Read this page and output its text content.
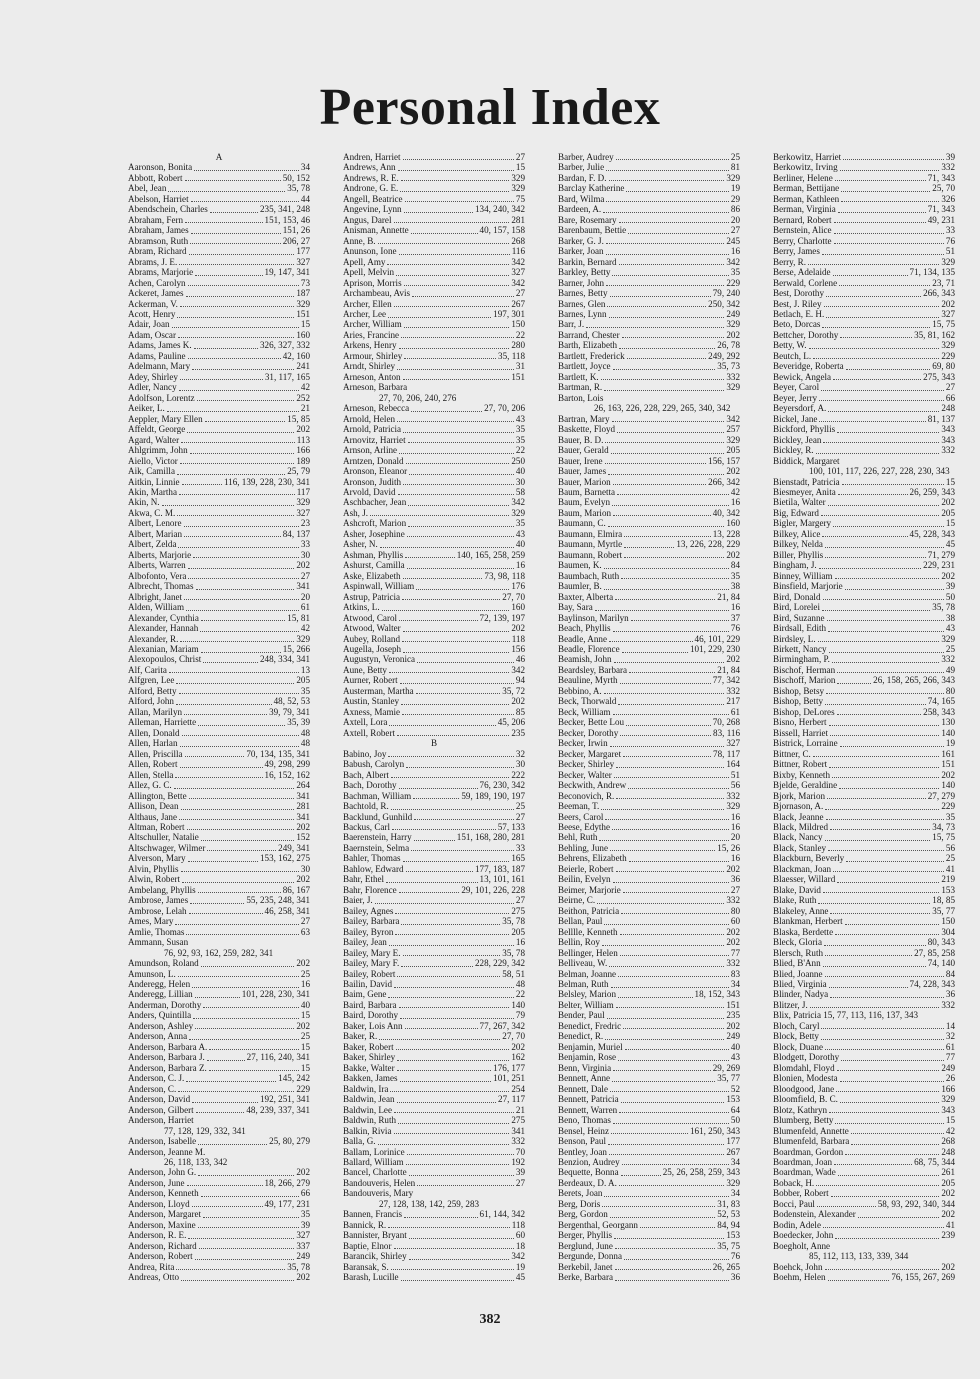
Personal Index
A
Aaronson, Bonita	34
Abbott, Robert	50, 152
Abel, Jean	35, 78
Abelson, Harriet	44
Abendschein, Charles	235, 341, 248
Abraham, Fern	151, 153, 46
Abraham, James	151, 26
Abramson, Ruth	206, 27
Abram, Richard	177
Abrams, J. E.	327
Abrams, Marjorie	19, 147, 341
Achen, Carolyn	73
Ackeret, James	187
Ackerman, V.	329
Acott, Henry	151
Adair, Joan	15
Adam, Oscar	160
Adams, James K.	326, 327, 332
Adams, Pauline	42, 160
Adelmann, Mary	241
Adey, Shirley	31, 117, 165
Adler, Nancy	42
Adolfson, Lorentz	252
Aeiker, L.	21
Aeppler, Mary Ellen	15, 85
Affeldt, George	202
Agard, Walter	113
Ahlgrimm, John	166
Aiello, Victor	189
Aik, Camilla	25, 79
Aitkin, Linnie	116, 139, 228, 230, 341
Akin, Martha	117
Akin, N.	329
Akwa, C. M.	327
Albert, Lenore	23
Albert, Marian	84, 137
Albert, Zelda	33
Alberts, Marjorie	30
Alberts, Warren	202
Albofonto, Vera	27
Albrecht, Thomas	341
Albright, Janet	20
Alden, William	61
Alexander, Cynthia	15, 81
Alexander, Hannah	42
Alexander, R.	329
Alexanian, Mariam	15, 266
Alexopoulos, Christ	248, 334, 341
Alf, Carita	13
Alfgren, Lee	205
Alford, Betty	35
Alford, John	48, 52, 53
Allan, Marilyn	39, 79, 341
Alleman, Harriette	35, 39
Allen, Donald	48
Allen, Harlan	48
Allen, Priscilla	70, 134, 135, 341
Allen, Robert	49, 298, 299
Allen, Stella	16, 152, 162
Allez, G. C.	264
Allington, Bette	341
Allison, Dean	281
Althaus, Jane	341
Altman, Robert	202
Altschuller, Natalie	152
Altschwager, Wilmer	249, 341
Alverson, Mary	153, 162, 275
Alvin, Phyllis	30
Alwin, Robert	202
Ambelang, Phyllis	86, 167
Ambrose, James	55, 235, 248, 341
Ambrose, Lelah	46, 258, 341
Ames, Mary	27
Amlie, Thomas	63
Ammann, Susan
76, 92, 93, 162, 259, 282, 341
Amundson, Roland	202
Amunson, L.	25
Anderegg, Helen	16
Anderegg, Lillian	101, 228, 230, 341
Anderman, Dorothy	40
Anders, Quintilla	15
Anderson, Ashley	202
Anderson, Anna	25
Anderson, Barbara A.	15
Anderson, Barbara J.	27, 116, 240, 341
Anderson, Barbara Z.	15
Anderson, C. J.	145, 242
Anderson, C.	229
Anderson, David	192, 251, 341
Anderson, Gilbert	48, 239, 337, 341
Anderson, Harriet
77, 128, 129, 332, 341
Anderson, Isabelle	25, 80, 279
Anderson, Jeanne M.
26, 118, 133, 342
Anderson, John G.	202
Anderson, June	18, 266, 279
Anderson, Kenneth	66
Anderson, Lloyd	49, 177, 231
Anderson, Margaret	35
Anderson, Maxine	39
Anderson, R. E.	327
Anderson, Richard	337
Anderson, Robert	249
Andrea, Rita	35, 78
Andreas, Otto	202
Andren, Harriet	27
Andrews, Ann	15
Andrews, R. E.	329
Androne, G. E.	329
Angell, Beatrice	75
Angevine, Lynn	134, 240, 342
Angus, Darel	281
Anisman, Annette	40, 157, 158
Anne, B.	268
Anunson, Ione	116
Apell, Amy	342
Apell, Melvin	327
Aprison, Morris	342
Archambeau, Avis	27
Archer, Ellen	267
Archer, Lee	197, 301
Archer, William	150
Aries, Francine	22
Arkens, Henry	280
Armour, Shirley	35, 118
Arndt, Shirley	31
Arneson, Anton	151
Arneson, Barbara
27, 70, 206, 240, 276
Arneson, Rebecca	27, 70, 206
Arnold, Helen	43
Arnold, Patricia	35
Arnovitz, Harriet	35
Arnson, Arline	22
Arntzen, Donald	250
Aronson, Eleanor	40
Aronson, Judith	30
Arvold, David	58
Aschbacher, Jean	342
Ash, J.	329
Ashcroft, Marion	35
Asher, Josephine	43
Asher, N.	40
Ashman, Phyllis	140, 165, 258, 259
Ashurst, Camilla	16
Aske, Elizabeth	73, 98, 118
Aspinwall, William	176
Astrup, Patricia	27, 70
Atkins, L.	160
Atwood, Carol	72, 139, 197
Atwood, Walter	202
Aubey, Rolland	118
Augella, Joseph	156
Augustyn, Veronica	46
Aune, Betty	342
Aurner, Robert	94
Austerman, Martha	35, 72
Austin, Stanley	202
Axness, Mamie	85
Axtell, Lora	45, 206
Axtell, Robert	235
B
Babino, Joy	32
Babush, Carolyn	30
Bach, Albert	222
Bach, Dorothy	76, 230, 342
Bachman, William	59, 189, 190, 197
Bachtold, R.	25
Backlund, Gunhild	27
Backus, Carl	57, 133
Baerenstein, Harry	151, 168, 280, 281
Baernstein, Selma	33
Bahler, Thomas	165
Bahlow, Edward	177, 183, 187
Bahr, Ethel	13, 101, 161
Bahr, Florence	29, 101, 226, 228
Baier, J.	27
Bailey, Agnes	275
Bailey, Barbara	35, 78
Bailey, Byron	205
Bailey, Jean	16
Bailey, Mary E.	35, 78
Bailey, Mary F.	228, 229, 342
Bailey, Robert	58, 51
Bailin, David	48
Baim, Gene	22
Baird, Barbara	140
Baird, Dorothy	79
Baker, Lois Ann	77, 267, 342
Baker, R.	27, 70
Baker, Robert	202
Baker, Shirley	162
Bakke, Walter	176, 177
Bakken, James	101, 251
Baldwin, Ira	254
Baldwin, Jean	27, 117
Baldwin, Lee	21
Baldwin, Ruth	275
Balkin, Rivia	341
Balla, G.	332
Ballam, Lorinice	70
Ballard, William	192
Bancel, Charlotte	39
Bandouveris, Helen	27
Bandouveris, Mary
27, 128, 138, 142, 259, 283
Bannen, Francis	61, 144, 342
Bannick, R.	118
Bannister, Bryant	60
Baptie, Elnor	18
Barancik, Shirley	342
Baransak, S.	19
Barash, Lucille	45
Barber, Audrey	25
Barber, Julie	81
Bardan, F. D.	329
Barclay Katherine	19
Bard, Wilma	29
Bardeen, A.	86
Bare, Rosemary	20
Barenbaum, Bettie	27
Barker, G. J.	245
Barker, Joan	16
Barkin, Bernard	342
Barkley, Betty	35
Barner, John	229
Barnes, Betty	79, 240
Barnes, Glen	250, 342
Barnes, Lynn	249
Barr, J.	329
Barrand, Chester	202
Barth, Elizabeth	26, 78
Bartlett, Frederick	249, 292
Bartlett, Joyce	35, 73
Bartlett, K.	332
Bartman, R.	329
Barton, Lois
26, 163, 226, 228, 229, 265, 340, 342
Bartran, Mary	342
Baskette, Floyd	257
Bauer, B. D.	329
Bauer, Gerald	205
Bauer, Irene	156, 157
Bauer, James	202
Bauer, Marion	266, 342
Baum, Barnetta	42
Baum, Evelyn	16
Baum, Marion	40, 342
Baumann, C.	160
Baumann, Elmira	13, 228
Baumann, Myrtle	13, 226, 228, 229
Baumann, Robert	202
Baumen, K.	84
Baumbach, Ruth	35
Baumler, B.	38
Baxter, Alberta	21, 84
Bay, Sara	16
Baylinson, Marilyn	37
Beach, Phyllis	76
Beadle, Anne	46, 101, 229
Beadle, Florence	101, 229, 230
Beamish, John	202
Beardsley, Barbara	21, 84
Beauline, Myrth	77, 342
Bebbino, A.	332
Beck, Thorwald	217
Beck, William	61
Becker, Bette Lou	70, 268
Becker, Dorothy	83, 116
Becker, Irwin	327
Becker, Margaret	78, 117
Becker, Shirley	164
Becker, Walter	51
Beckwith, Andrew	56
Beconovich, R.	332
Beeman, T.	329
Beers, Carol	16
Beese, Edythe	16
Behl, Ruth	20
Behling, June	15, 26
Behrens, Elizabeth	16
Beierle, Robert	202
Beilin, Evelyn	36
Beimer, Marjorie	27
Beirne, C.	332
Beithon, Patricia	80
Bellan, Paul	60
Belllle, Kenneth	202
Bellin, Roy	202
Bellinger, Helen	77
Belliveau, W.	332
Belman, Joanne	83
Belman, Ruth	34
Belsley, Marion	18, 152, 343
Belter, William	151
Bender, Paul	235
Benedict, Fredric	202
Benedict, R.	249
Benjamin, Muriel	40
Benjamin, Rose	43
Benn, Virginia	29, 269
Bennett, Anne	35, 77
Bennett, Dale	52
Bennett, Patricia	153
Bennett, Warren	64
Beno, Thomas	50
Bensel, Heinz	161, 250, 343
Benson, Paul	177
Bentley, Joan	267
Benzion, Audrey	34
Bequette, Bonna	25, 26, 258, 259, 343
Berdeaux, D. A.	329
Berets, Joan	34
Berg, Doris	31, 83
Berg, Gordon	52, 53
Bergenthal, Georgann	84, 94
Berger, Phyllis	153
Berglund, June	35, 75
Bergunde, Donna	76
Berkebil, Janet	26, 265
Berke, Barbara	36
Berkowitz, Harriet	39
Berkowitz, Irving	332
Berliner, Helene	71, 343
Berman, Bettijane	25, 70
Berman, Kathleen	326
Berman, Virginia	71, 343
Bernard, Robert	49, 231
Bernstein, Alice	33
Berry, Charlotte	76
Berry, James	51
Berry, R.	329
Berse, Adelaide	71, 134, 135
Berwald, Corlene	23, 71
Best, Dorothy	266, 343
Best, J. Riley	202
Betlach, E. H.	327
Beto, Dorcas	15, 75
Bettcher, Dorothy	35, 81, 162
Betty, W.	329
Beutch, L.	229
Beveridge, Roberta	69, 80
Bewick, Angela	275, 343
Beyer, Carol	27
Beyer, Jerry	66
Beyersdorf, A.	248
Bickel, Jane	81, 137
Bickford, Phyllis	343
Bickley, Jean	343
Bickley, R.	332
Biddick, Margaret
100, 101, 117, 226, 227, 228, 230, 343
Bienstadt, Patricia	15
Biesmeyer, Anita	26, 259, 343
Bietila, Walter	202
Big, Edward	205
Bigler, Margery	15
Bilkey, Alice	45, 228, 343
Bilkey, Nelda	45
Biller, Phyllis	71, 279
Bingham, J.	229, 231
Binney, William	202
Binsfield, Marjorie	39
Bird, Donald	50
Bird, Lorelei	35, 78
Bird, Suzanne	38
Birdsall, Edith	43
Birdsley, L.	329
Birkett, Nancy	25
Birmingham, P.	332
Bischof, Herman	49
Bischoff, Marion	26, 158, 265, 266, 343
Bishop, Betsy	80
Bishop, Betty	74, 165
Bishop, DeLores	258, 343
Bisno, Herbert	130
Bissell, Harriet	140
Bistrick, Lorraine	19
Bittner, C.	161
Bittner, Robert	151
Bixby, Kenneth	202
Bjelde, Geraldine	140
Bjork, Marion	27, 279
Bjornason, A.	229
Black, Jeanne	35
Black, Mildred	34, 73
Black, Nancy	15, 75
Black, Stanley	56
Blackburn, Beverly	25
Blackman, Joan	41
Blaesser, Willard	219
Blake, David	153
Blake, Ruth	18, 85
Blakeley, Anne	35, 77
Blankman, Herbert	150
Blaska, Berdette	304
Bleck, Gloria	80, 343
Blersch, Ruth	27, 85, 258
Blied, B'Ann	74, 140
Blied, Joanne	84
Blied, Virginia	74, 228, 343
Blinder, Nadya	36
Blitzer, J.	332
Blix, Patricia 15, 77, 113, 116, 137, 343
Bloch, Caryl	14
Block, Betty	32
Block, Duane	61
Blodgett, Dorothy	77
Blomdahl, Floyd	249
Blonien, Modesta	26
Bloodgood, Jane	166
Bloomfield, B. C.	329
Blotz, Kathryn	343
Blumberg, Betty	15
Blumenfeld, Annette	42
Blumenfeld, Barbara	268
Boardman, Gordon	248
Boardman, Joan	68, 75, 344
Boardman, Wade	261
Boback, H.	205
Bobber, Robert	202
Bocci, Paul	58, 93, 292, 340, 344
Bodenstein, Alexander	202
Bodin, Adele	41
Boedecker, John	239
Boegholt, Anne
85, 112, 113, 133, 339, 344
Boehck, John	202
Boehm, Helen	76, 155, 267, 269
382
